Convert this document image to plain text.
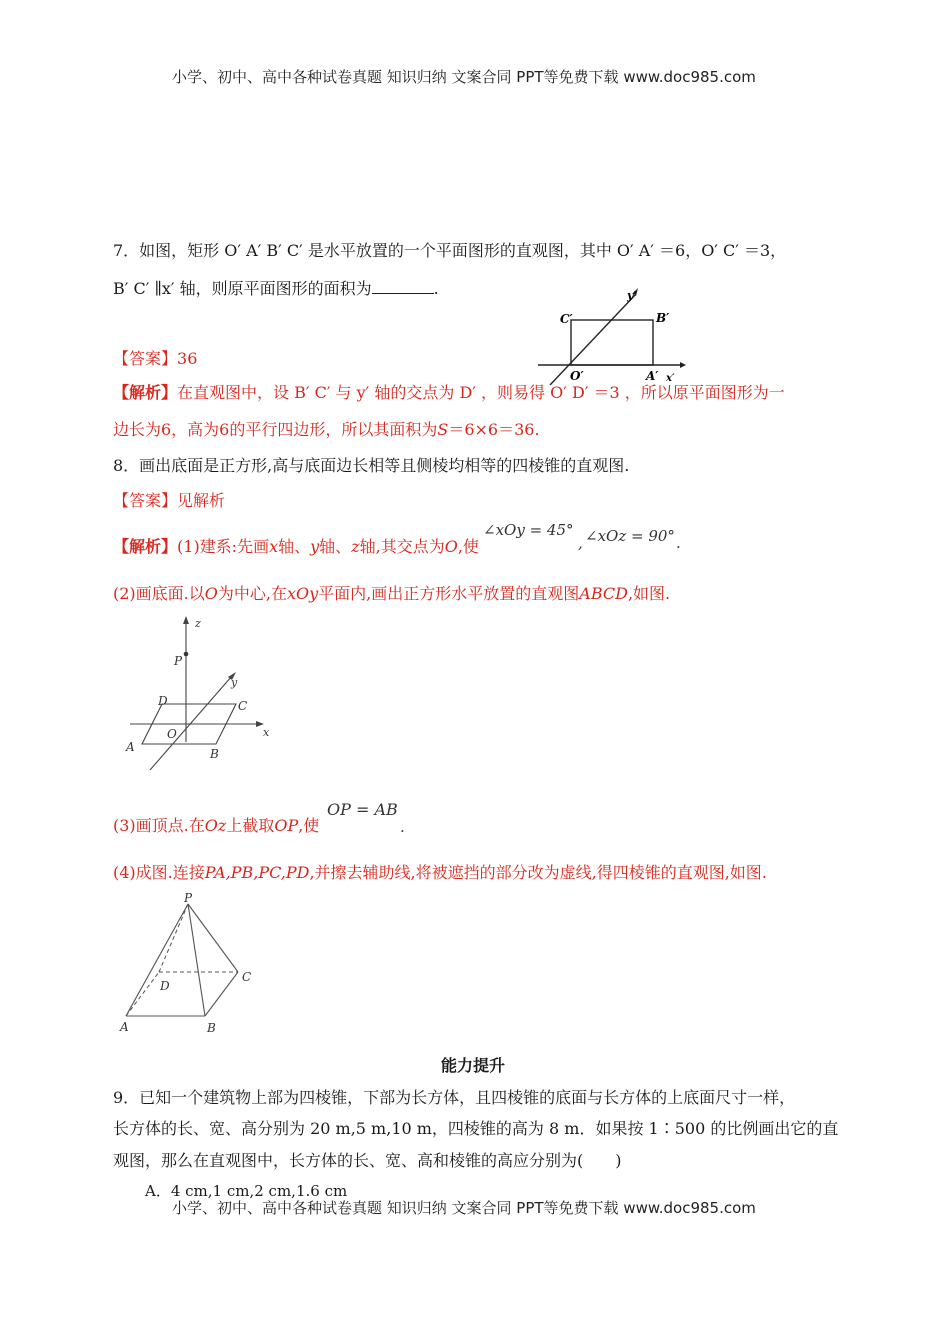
小学、初中、高中各种试卷真题 知识归纳 文案合同 PPT等免费下载 www.doc985.com
7．如图，矩形 O′ A′ B′ C′ 是水平放置的一个平面图形的直观图，其中 O′ A′ ＝6，O′ C′ ＝3，
B′ C′ ∥x′ 轴，则原平面图形的面积为	.	y′
C′	B′
O′	A′ x′
【答案】36
【解析】在直观图中，设 B′ C′ 与 y′ 轴的交点为 D′ ，则易得 O′ D′ ＝3 ，所以原平面图形为一
边长为6，高为6的平行四边形，所以其面积为S＝6×6＝36.
8．画出底面是正方形,高与底面边长相等且侧棱均相等的四棱锥的直观图.
【答案】见解析
【解析】(1)建系:先画x轴、y轴、z轴,其交点为O,使
∠xOy = 45°
, ∠xOz = 90° .
(2)画底面.以O为中心,在xOy平面内,画出正方形水平放置的直观图ABCD,如图.
z
P
y
D	C
O	x
A	B
(3)画顶点.在Oz上截取OP,使
OP = AB
.
(4)成图.连接PA,PB,PC,PD,并擦去辅助线,将被遮挡的部分改为虚线,得四棱锥的直观图,如图.
P
D
C
A	B
能力提升
9．已知一个建筑物上部为四棱锥，下部为长方体，且四棱锥的底面与长方体的上底面尺寸一样，
长方体的长、宽、高分别为 20 m,5 m,10 m，四棱锥的高为 8 m．如果按 1∶500 的比例画出它的直
观图，那么在直观图中，长方体的长、宽、高和棱锥的高应分别为(　　)
A．4 cm,1 cm,2 cm,1.6 cm
小学、初中、高中各种试卷真题 知识归纳 文案合同 PPT等免费下载 www.doc985.com
